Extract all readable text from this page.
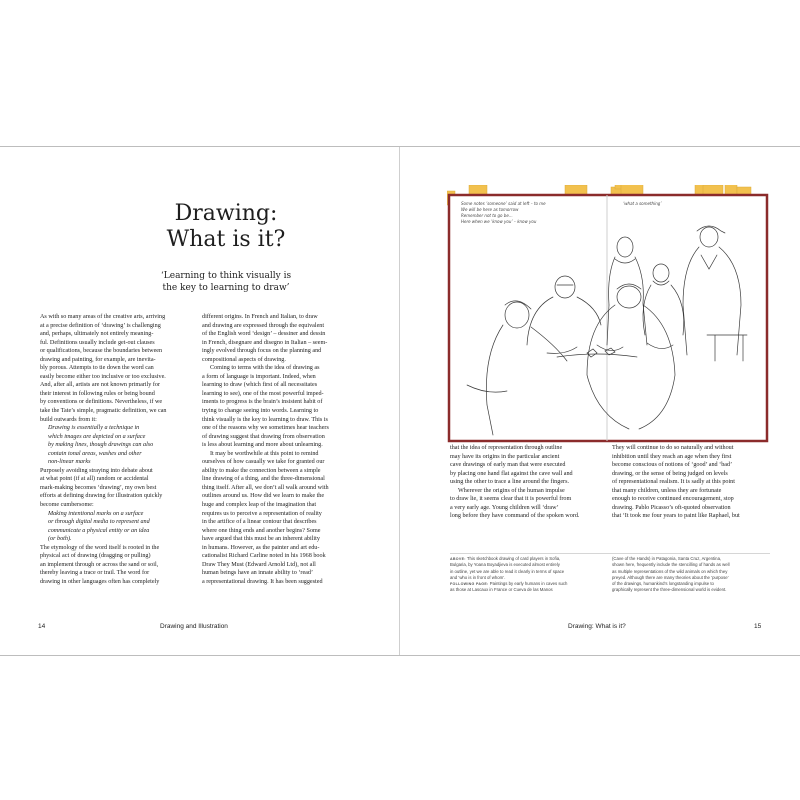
Drawing:
What is it?
‘Learning to think visually is
the key to learning to draw’
As with so many areas of the creative arts, arriving
at a precise definition of ‘drawing’ is challenging
and, perhaps, ultimately not entirely meaning-
ful. Definitions usually include get-out clauses
or qualifications, because the boundaries between
drawing and painting, for example, are inevita-
bly porous. Attempts to tie down the word can
easily become either too inclusive or too exclusive.
And, after all, artists are not known primarily for
their interest in following rules or being bound
by conventions or definitions. Nevertheless, if we
take the Tate’s simple, pragmatic definition, we can
build outwards from it:
Drawing is essentially a technique in
which images are depicted on a surface
by making lines, though drawings can also
contain tonal areas, washes and other
non-linear marks
Purposely avoiding straying into debate about
at what point (if at all) random or accidental
mark-making becomes ‘drawing’, my own best
efforts at defining drawing for illustration quickly
become cumbersome:
Making intentional marks on a surface
or through digital media to represent and
communicate a physical entity or an idea
(or both).
The etymology of the word itself is rooted in the
physical act of drawing (dragging or pulling)
an implement through or across the sand or soil,
thereby leaving a trace or trail. The word for
drawing in other languages often has completely
different origins. In French and Italian, to draw
and drawing are expressed through the equivalent
of the English word ‘design’ – dessiner and dessin
in French, disegnare and disegno in Italian – seem-
ingly evolved through focus on the planning and
compositional aspects of drawing.
Coming to terms with the idea of drawing as
a form of language is important. Indeed, when
learning to draw (which first of all necessitates
learning to see), one of the most powerful imped-
iments to progress is the brain’s insistent habit of
trying to change seeing into words. Learning to
think visually is the key to learning to draw. This is
one of the reasons why we sometimes hear teachers
of drawing suggest that drawing from observation
is less about learning and more about unlearning.
It may be worthwhile at this point to remind
ourselves of how casually we take for granted our
ability to make the connection between a simple
line drawing of a thing, and the three-dimensional
thing itself. After all, we don’t all walk around with
outlines around us. How did we learn to make the
huge and complex leap of the imagination that
requires us to perceive a representation of reality
in the artifice of a linear contour that describes
where one thing ends and another begins? Some
have argued that this must be an inherent ability
in humans. However, as the painter and art edu-
cationalist Richard Carline noted in his 1968 book
Draw They Must (Edward Arnold Ltd), not all
human beings have an innate ability to ‘read’
a representational drawing. It has been suggested
14	Drawing and Illustration
Some notes ‘someone’ said at left – to me
We will be here as tomorrow
Remember not to go be…
Here when we ‘know you’ – know you
‘what a something’
that the idea of representation through outline
may have its origins in the particular ancient
cave drawings of early man that were executed
by placing one hand flat against the cave wall and
using the other to trace a line around the fingers.
Wherever the origins of the human impulse
to draw lie, it seems clear that it is powerful from
a very early age. Young children will ‘draw’
long before they have command of the spoken word.
They will continue to do so naturally and without
inhibition until they reach an age when they first
become conscious of notions of ‘good’ and ‘bad’
drawing, or the sense of being judged on levels
of representational realism. It is sadly at this point
that many children, unless they are fortunate
enough to receive continued encouragement, stop
drawing. Pablo Picasso’s oft-quoted observation
that ‘It took me four years to paint like Raphael, but
ABOVE: This sketchbook drawing of card players in Sofia,
Bulgaria, by Yoana Boyadjieva is executed almost entirely
in outline, yet we are able to read it clearly in terms of space
and ‘who is in front of whom’.
FOLLOWING PAGE: Paintings by early humans in caves such
as those at Lascaux in France or Cueva de las Manos
(Cave of the Hands) in Patagonia, Santa Cruz, Argentina,
shown here, frequently include the stencilling of hands as well
as multiple representations of the wild animals on which they
preyed. Although there are many theories about the ‘purpose’
of the drawings, humankind’s longstanding impulse to
graphically represent the three-dimensional world is evident.
Drawing: What is it?	15
